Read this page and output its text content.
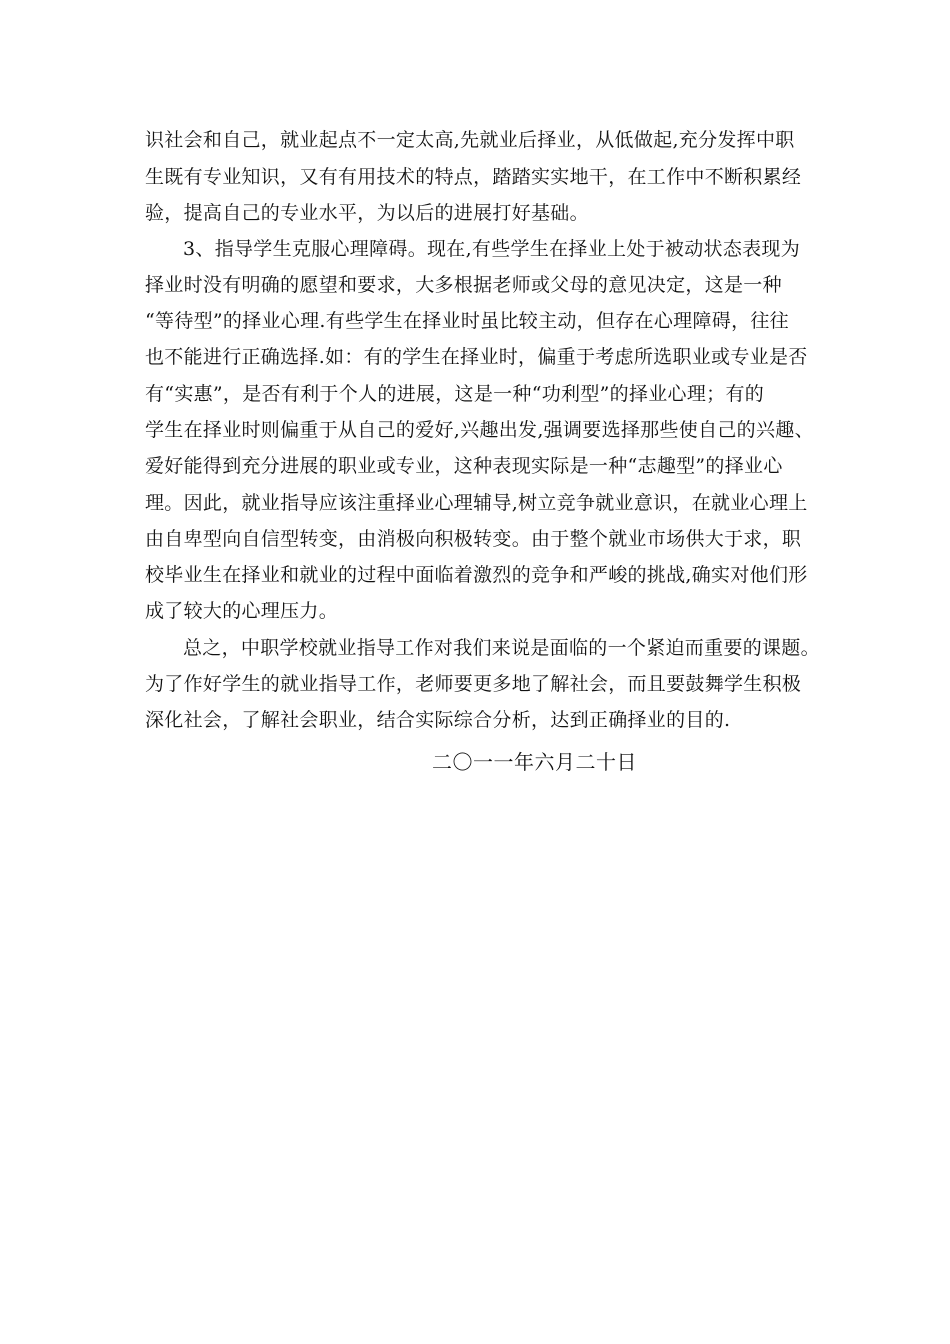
识社会和自己，就业起点不一定太高,先就业后择业，从低做起,充分发挥中职
生既有专业知识，又有有用技术的特点，踏踏实实地干，在工作中不断积累经
验，提高自己的专业水平，为以后的进展打好基础。
3、指导学生克服心理障碍。现在,有些学生在择业上处于被动状态表现为
择业时没有明确的愿望和要求，大多根据老师或父母的意见决定，这是一种
“等待型”的择业心理.有些学生在择业时虽比较主动，但存在心理障碍，往往
也不能进行正确选择.如：有的学生在择业时，偏重于考虑所选职业或专业是否
有“实惠”，是否有利于个人的进展，这是一种“功利型”的择业心理；有的
学生在择业时则偏重于从自己的爱好,兴趣出发,强调要选择那些使自己的兴趣、
爱好能得到充分进展的职业或专业，这种表现实际是一种“志趣型”的择业心
理。因此，就业指导应该注重择业心理辅导,树立竞争就业意识，在就业心理上
由自卑型向自信型转变，由消极向积极转变。由于整个就业市场供大于求，职
校毕业生在择业和就业的过程中面临着激烈的竞争和严峻的挑战,确实对他们形
成了较大的心理压力。
总之，中职学校就业指导工作对我们来说是面临的一个紧迫而重要的课题。
为了作好学生的就业指导工作，老师要更多地了解社会，而且要鼓舞学生积极
深化社会，了解社会职业，结合实际综合分析，达到正确择业的目的.
二〇一一年六月二十日
